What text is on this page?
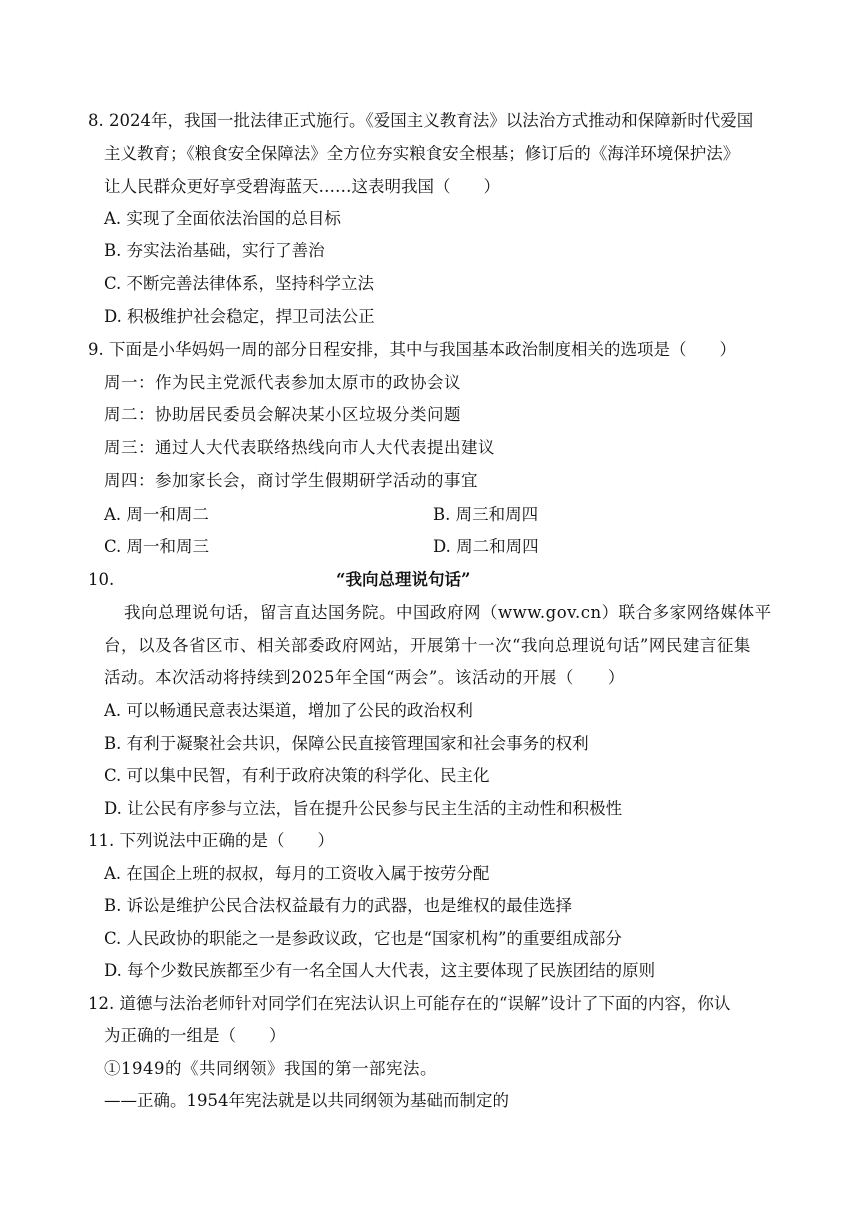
8. 2024年，我国一批法律正式施行。《爱国主义教育法》以法治方式推动和保障新时代爱国
主义教育；《粮食安全保障法》全方位夯实粮食安全根基；修订后的《海洋环境保护法》
让人民群众更好享受碧海蓝天……这表明我国（　　）
A. 实现了全面依法治国的总目标
B. 夯实法治基础，实行了善治
C. 不断完善法律体系，坚持科学立法
D. 积极维护社会稳定，捍卫司法公正
9. 下面是小华妈妈一周的部分日程安排，其中与我国基本政治制度相关的选项是（　　）
周一：作为民主党派代表参加太原市的政协会议
周二：协助居民委员会解决某小区垃圾分类问题
周三：通过人大代表联络热线向市人大代表提出建议
周四：参加家长会，商讨学生假期研学活动的事宜
A. 周一和周二	B. 周三和周四
C. 周一和周三	D. 周二和周四
10.	“我向总理说句话”
我向总理说句话，留言直达国务院。中国政府网（www.gov.cn）联合多家网络媒体平
台，以及各省区市、相关部委政府网站，开展第十一次“我向总理说句话”网民建言征集
活动。本次活动将持续到2025年全国“两会”。该活动的开展（　　）
A. 可以畅通民意表达渠道，增加了公民的政治权利
B. 有利于凝聚社会共识，保障公民直接管理国家和社会事务的权利
C. 可以集中民智，有利于政府决策的科学化、民主化
D. 让公民有序参与立法，旨在提升公民参与民主生活的主动性和积极性
11. 下列说法中正确的是（　　）
A. 在国企上班的叔叔，每月的工资收入属于按劳分配
B. 诉讼是维护公民合法权益最有力的武器，也是维权的最佳选择
C. 人民政协的职能之一是参政议政，它也是“国家机构”的重要组成部分
D. 每个少数民族都至少有一名全国人大代表，这主要体现了民族团结的原则
12. 道德与法治老师针对同学们在宪法认识上可能存在的“误解”设计了下面的内容，你认
为正确的一组是（　　）
①1949的《共同纲领》我国的第一部宪法。
——正确。1954年宪法就是以共同纲领为基础而制定的
